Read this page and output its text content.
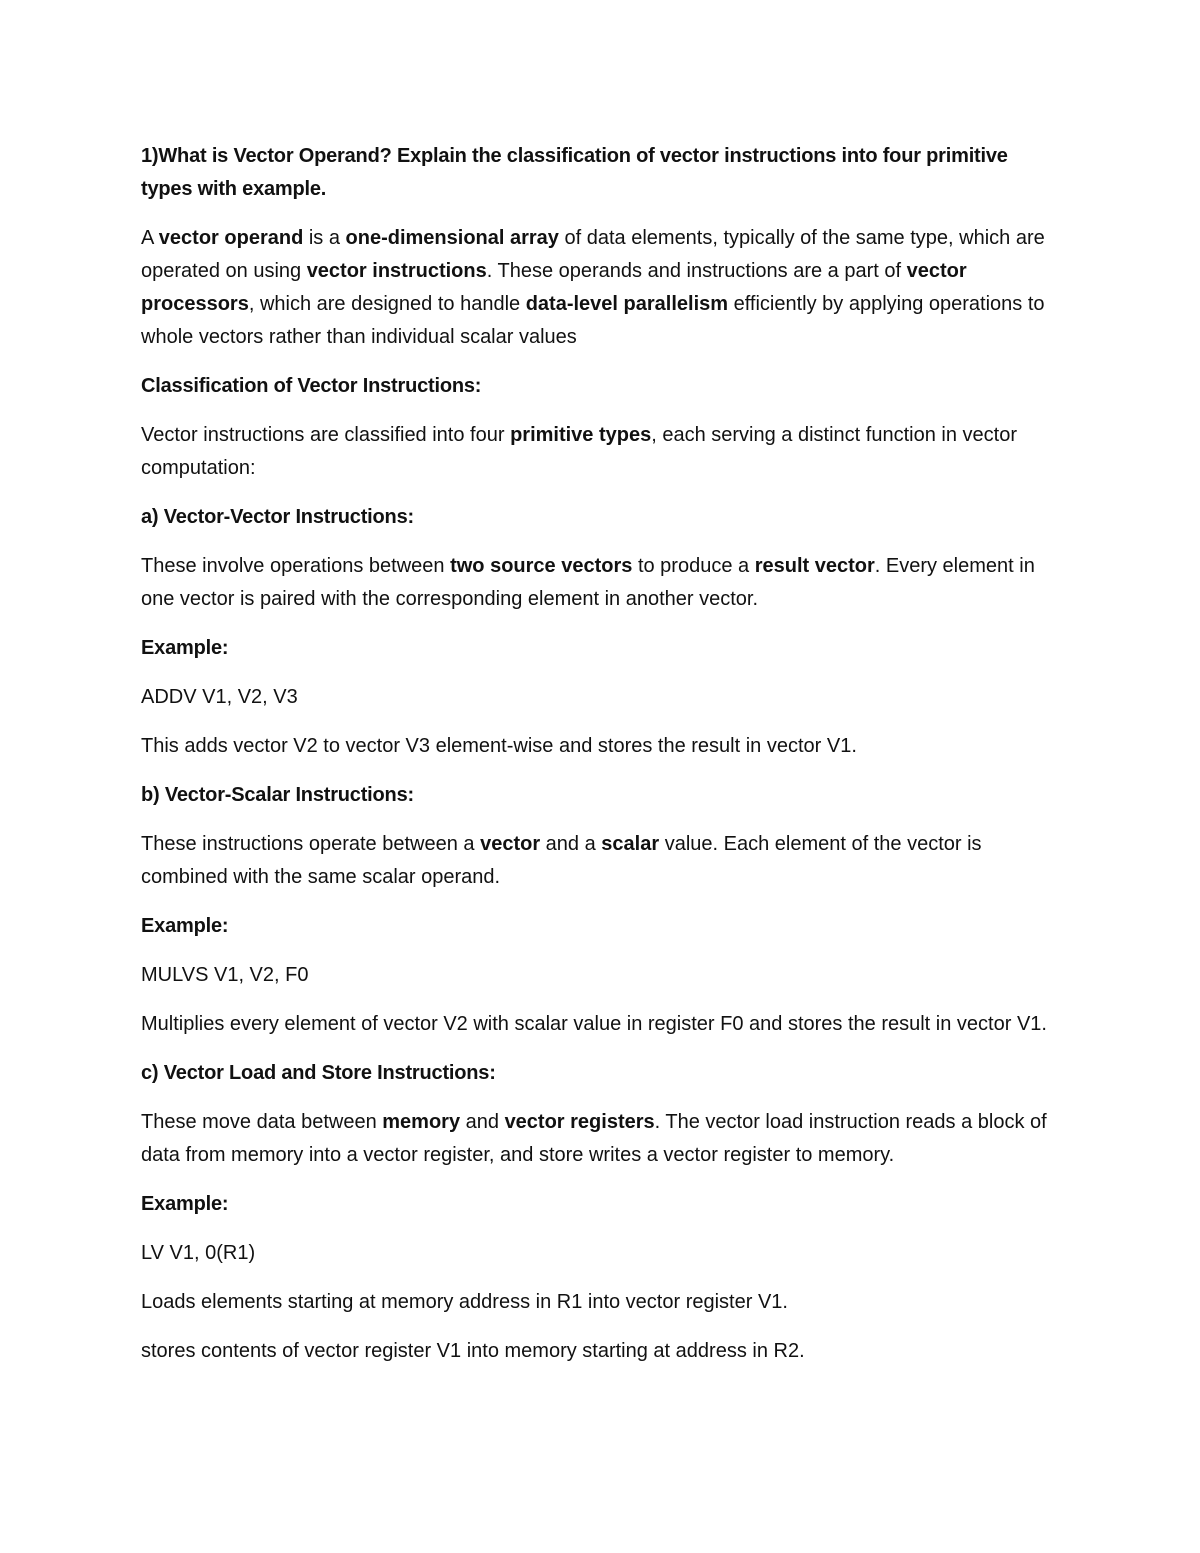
1)What is Vector Operand? Explain the classification of vector instructions into four primitive types with example.

A vector operand is a one-dimensional array of data elements, typically of the same type, which are operated on using vector instructions. These operands and instructions are a part of vector processors, which are designed to handle data-level parallelism efficiently by applying operations to whole vectors rather than individual scalar values

Classification of Vector Instructions:

Vector instructions are classified into four primitive types, each serving a distinct function in vector computation:

a) Vector-Vector Instructions:

These involve operations between two source vectors to produce a result vector. Every element in one vector is paired with the corresponding element in another vector.

Example:

ADDV V1, V2, V3

This adds vector V2 to vector V3 element-wise and stores the result in vector V1.

b) Vector-Scalar Instructions:

These instructions operate between a vector and a scalar value. Each element of the vector is combined with the same scalar operand.

Example:

MULVS V1, V2, F0

Multiplies every element of vector V2 with scalar value in register F0 and stores the result in vector V1.

c) Vector Load and Store Instructions:

These move data between memory and vector registers. The vector load instruction reads a block of data from memory into a vector register, and store writes a vector register to memory.

Example:

LV V1, 0(R1)

Loads elements starting at memory address in R1 into vector register V1.

stores contents of vector register V1 into memory starting at address in R2.
